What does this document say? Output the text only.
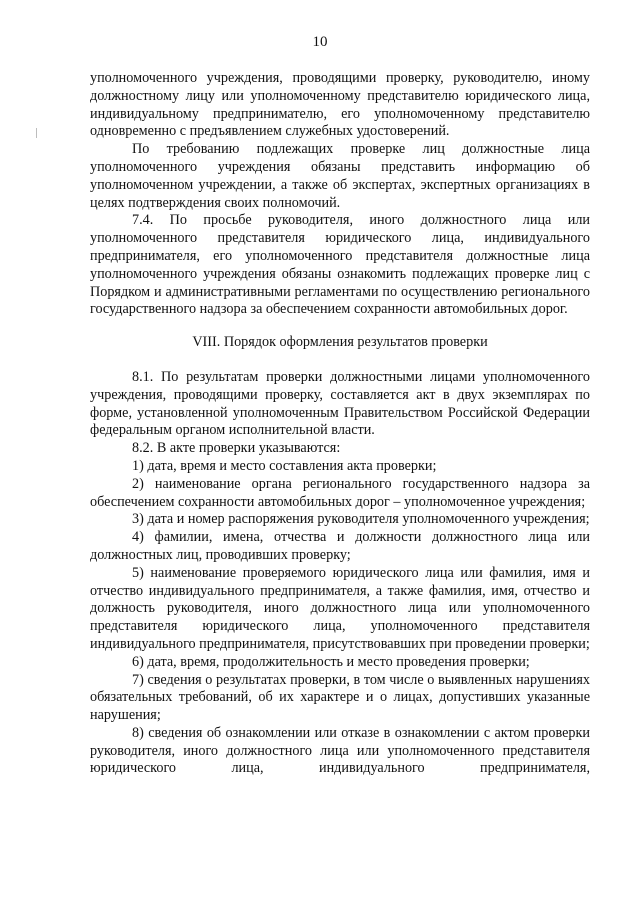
10

уполномоченного учреждения, проводящими проверку, руководителю, иному должностному лицу или уполномоченному представителю юридического лица, индивидуальному предпринимателю, его уполномоченному представителю одновременно с предъявлением служебных удостоверений.

По требованию подлежащих проверке лиц должностные лица уполномоченного учреждения обязаны представить информацию об уполномоченном учреждении, а также об экспертах, экспертных организациях в целях подтверждения своих полномочий.

7.4. По просьбе руководителя, иного должностного лица или уполномоченного представителя юридического лица, индивидуального предпринимателя, его уполномоченного представителя должностные лица уполномоченного учреждения обязаны ознакомить подлежащих проверке лиц с Порядком и административными регламентами по осуществлению регионального государственного надзора за обеспечением сохранности автомобильных дорог.

VIII. Порядок оформления результатов проверки

8.1. По результатам проверки должностными лицами уполномоченного учреждения, проводящими проверку, составляется акт в двух экземплярах по форме, установленной уполномоченным Правительством Российской Федерации федеральным органом исполнительной власти.

8.2. В акте проверки указываются:

1) дата, время и место составления акта проверки;

2) наименование органа регионального государственного надзора за обеспечением сохранности автомобильных дорог – уполномоченное учреждения;

3) дата и номер распоряжения руководителя уполномоченного учреждения;

4) фамилии, имена, отчества и должности должностного лица или должностных лиц, проводивших проверку;

5) наименование проверяемого юридического лица или фамилия, имя и отчество индивидуального предпринимателя, а также фамилия, имя, отчество и должность руководителя, иного должностного лица или уполномоченного представителя юридического лица, уполномоченного представителя индивидуального предпринимателя, присутствовавших при проведении проверки;

6) дата, время, продолжительность и место проведения проверки;

7) сведения о результатах проверки, в том числе о выявленных нарушениях обязательных требований, об их характере и о лицах, допустивших указанные нарушения;

8) сведения об ознакомлении или отказе в ознакомлении с актом проверки руководителя, иного должностного лица или уполномоченного представителя юридического лица, индивидуального предпринимателя,
